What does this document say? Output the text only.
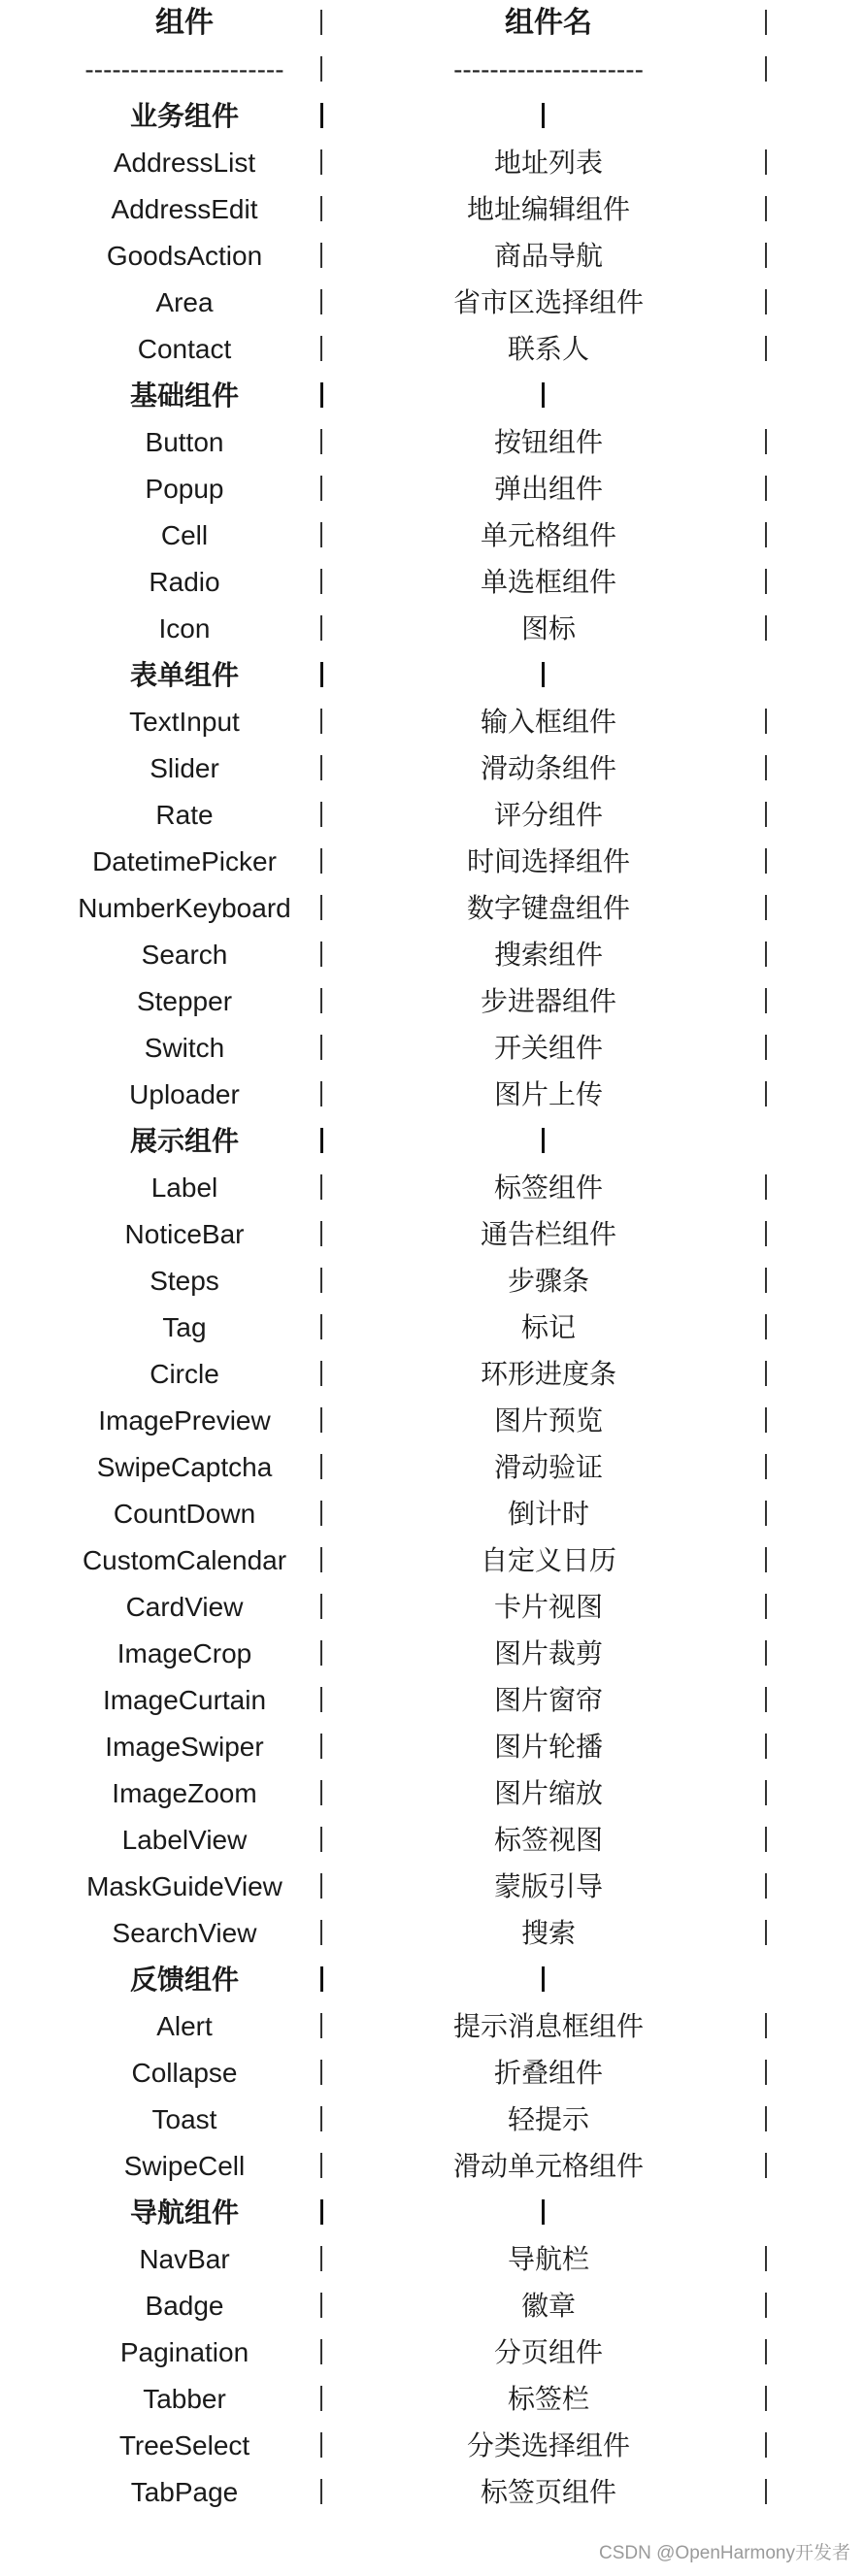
组件	组件名
----------------------	---------------------
业务组件
AddressList	地址列表
AddressEdit	地址编辑组件
GoodsAction	商品导航
Area	省市区选择组件
Contact	联系人
基础组件
Button	按钮组件
Popup	弹出组件
Cell	单元格组件
Radio	单选框组件
Icon	图标
表单组件
TextInput	输入框组件
Slider	滑动条组件
Rate	评分组件
DatetimePicker	时间选择组件
NumberKeyboard	数字键盘组件
Search	搜索组件
Stepper	步进器组件
Switch	开关组件
Uploader	图片上传
展示组件
Label	标签组件
NoticeBar	通告栏组件
Steps	步骤条
Tag	标记
Circle	环形进度条
ImagePreview	图片预览
SwipeCaptcha	滑动验证
CountDown	倒计时
CustomCalendar	自定义日历
CardView	卡片视图
ImageCrop	图片裁剪
ImageCurtain	图片窗帘
ImageSwiper	图片轮播
ImageZoom	图片缩放
LabelView	标签视图
MaskGuideView	蒙版引导
SearchView	搜索
反馈组件
Alert	提示消息框组件
Collapse	折叠组件
Toast	轻提示
SwipeCell	滑动单元格组件
导航组件
NavBar	导航栏
Badge	徽章
Pagination	分页组件
Tabber	标签栏
TreeSelect	分类选择组件
TabPage	标签页组件
CSDN @OpenHarmony开发者
